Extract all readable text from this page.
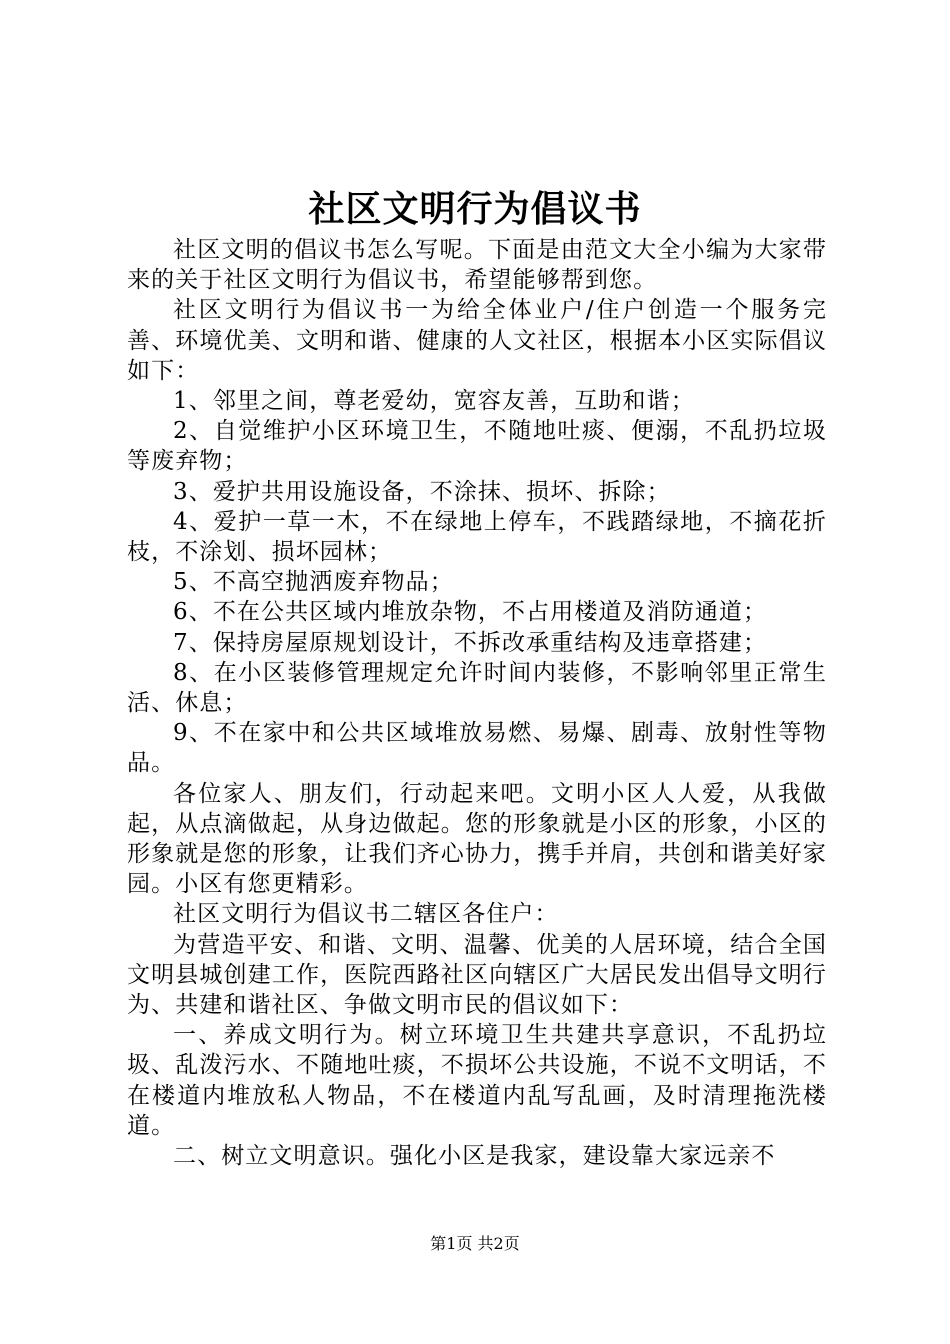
社区文明行为倡议书

社区文明的倡议书怎么写呢。下面是由范文大全小编为大家带来的关于社区文明行为倡议书，希望能够帮到您。

社区文明行为倡议书一为给全体业户/住户创造一个服务完善、环境优美、文明和谐、健康的人文社区，根据本小区实际倡议如下：

1、邻里之间，尊老爱幼，宽容友善，互助和谐；

2、自觉维护小区环境卫生，不随地吐痰、便溺，不乱扔垃圾等废弃物；

3、爱护共用设施设备，不涂抹、损坏、拆除；

4、爱护一草一木，不在绿地上停车，不践踏绿地，不摘花折枝，不涂划、损坏园林；

5、不高空抛洒废弃物品；

6、不在公共区域内堆放杂物，不占用楼道及消防通道；

7、保持房屋原规划设计，不拆改承重结构及违章搭建；

8、在小区装修管理规定允许时间内装修，不影响邻里正常生活、休息；

9、不在家中和公共区域堆放易燃、易爆、剧毒、放射性等物品。

各位家人、朋友们，行动起来吧。文明小区人人爱，从我做起，从点滴做起，从身边做起。您的形象就是小区的形象，小区的形象就是您的形象，让我们齐心协力，携手并肩，共创和谐美好家园。小区有您更精彩。

社区文明行为倡议书二辖区各住户：

为营造平安、和谐、文明、温馨、优美的人居环境，结合全国文明县城创建工作，医院西路社区向辖区广大居民发出倡导文明行为、共建和谐社区、争做文明市民的倡议如下：

一、养成文明行为。树立环境卫生共建共享意识，不乱扔垃圾、乱泼污水、不随地吐痰，不损坏公共设施，不说不文明话，不在楼道内堆放私人物品，不在楼道内乱写乱画，及时清理拖洗楼道。

二、树立文明意识。强化小区是我家，建设靠大家远亲不

第1页 共2页
